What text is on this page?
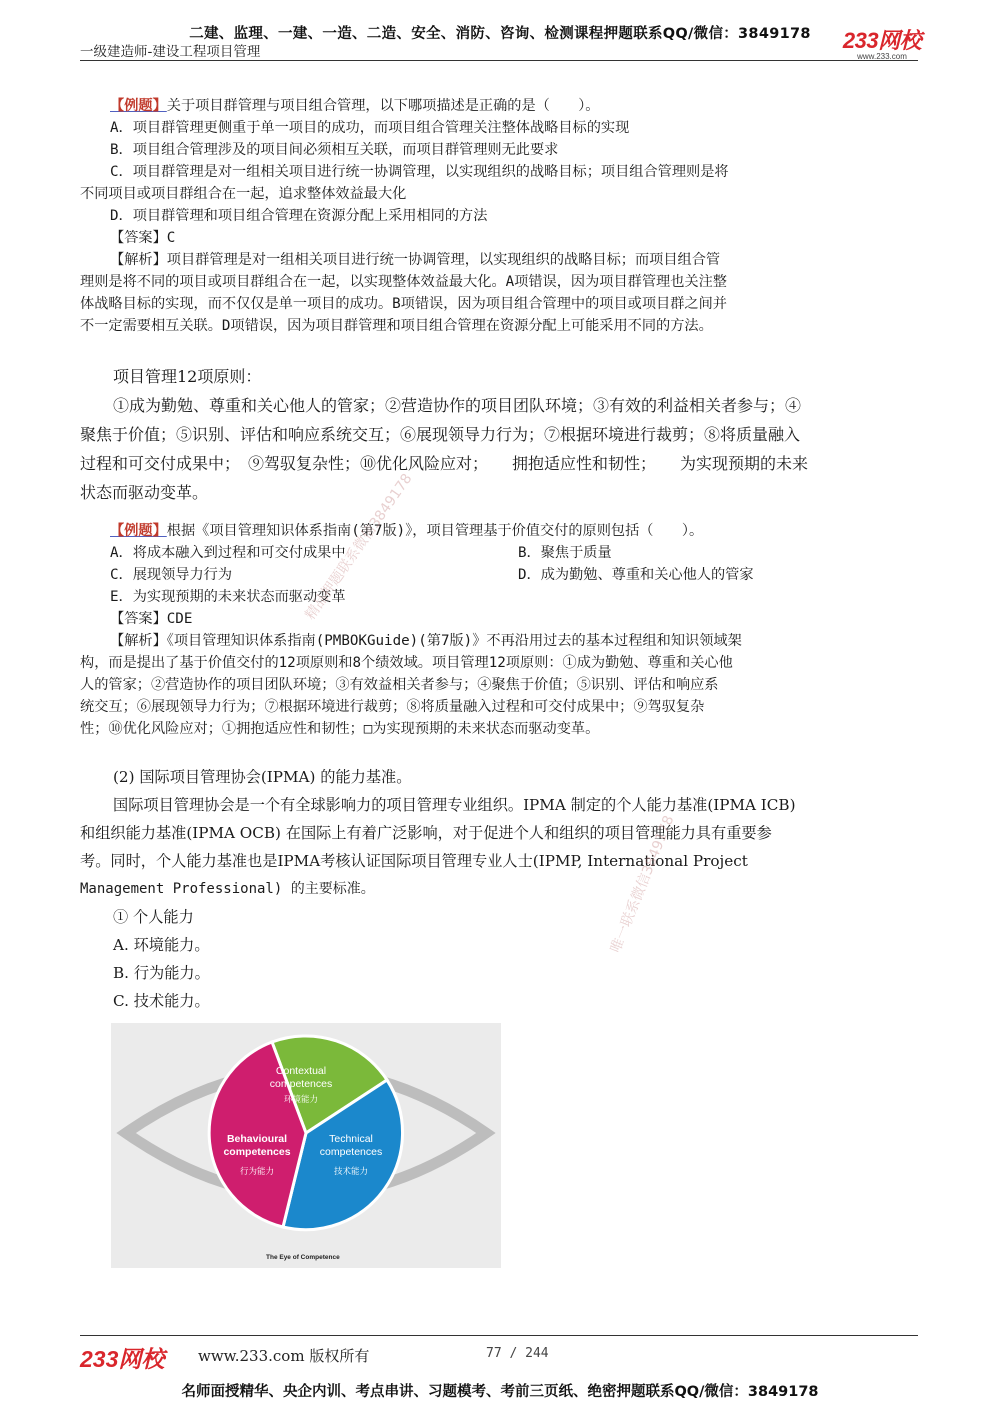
二建、监理、一建、一造、二造、安全、消防、咨询、检测课程押题联系QQ/微信：3849178
一级建造师-建设工程项目管理	233网校
www.233.com

【例题】关于项目群管理与项目组合管理，以下哪项描述是正确的是（　　）。

A．项目群管理更侧重于单一项目的成功，而项目组合管理关注整体战略目标的实现

B．项目组合管理涉及的项目间必须相互关联，而项目群管理则无此要求

C．项目群管理是对一组相关项目进行统一协调管理，以实现组织的战略目标；项目组合管理则是将

不同项目或项目群组合在一起，追求整体效益最大化

D．项目群管理和项目组合管理在资源分配上采用相同的方法

【答案】C

【解析】项目群管理是对一组相关项目进行统一协调管理，以实现组织的战略目标；而项目组合管

理则是将不同的项目或项目群组合在一起，以实现整体效益最大化。A项错误，因为项目群管理也关注整

体战略目标的实现，而不仅仅是单一项目的成功。B项错误，因为项目组合管理中的项目或项目群之间并

不一定需要相互关联。D项错误，因为项目群管理和项目组合管理在资源分配上可能采用不同的方法。

项目管理12项原则：

①成为勤勉、尊重和关心他人的管家；②营造协作的项目团队环境；③有效的利益相关者参与；④

聚焦于价值；⑤识别、评估和响应系统交互；⑥展现领导力行为；⑦根据环境进行裁剪；⑧将质量融入

过程和可交付成果中；　⑨驾驭复杂性；⑩优化风险应对；　　拥抱适应性和韧性；　　为实现预期的未来

状态而驱动变革。

【例题】根据《项目管理知识体系指南(第7版)》，项目管理基于价值交付的原则包括（　　）。

A．将成本融入到过程和可交付成果中	B．聚焦于质量

C．展现领导力行为	D．成为勤勉、尊重和关心他人的管家

E．为实现预期的未来状态而驱动变革

【答案】CDE

【解析】《项目管理知识体系指南(PMBOKGuide)(第7版)》不再沿用过去的基本过程组和知识领域架

构，而是提出了基于价值交付的12项原则和8个绩效域。项目管理12项原则：①成为勤勉、尊重和关心他

人的管家；②营造协作的项目团队环境；③有效益相关者参与；④聚焦于价值；⑤识别、评估和响应系

统交互；⑥展现领导力行为；⑦根据环境进行裁剪；⑧将质量融入过程和可交付成果中；⑨驾驭复杂

性；⑩优化风险应对；①拥抱适应性和韧性；□为实现预期的未来状态而驱动变革。

(2) 国际项目管理协会(IPMA) 的能力基准。

国际项目管理协会是一个有全球影响力的项目管理专业组织。IPMA 制定的个人能力基准(IPMA ICB)

和组织能力基准(IPMA OCB) 在国际上有着广泛影响，对于促进个人和组织的项目管理能力具有重要参

考。同时，个人能力基准也是IPMA考核认证国际项目管理专业人士(IPMP, International Project

Management Professional) 的主要标准。

① 个人能力

A. 环境能力。

B. 行为能力。

C. 技术能力。

Contextual
competences
环境能力
Behavioural
competences
行为能力
Technical
competences
技术能力
The Eye of Competence
精品押题联系微信3849178
唯一联系微信3849178
233网校 www.233.com 版权所有	77 / 244
名师面授精华、央企内训、考点串讲、习题模考、考前三页纸、绝密押题联系QQ/微信：3849178
